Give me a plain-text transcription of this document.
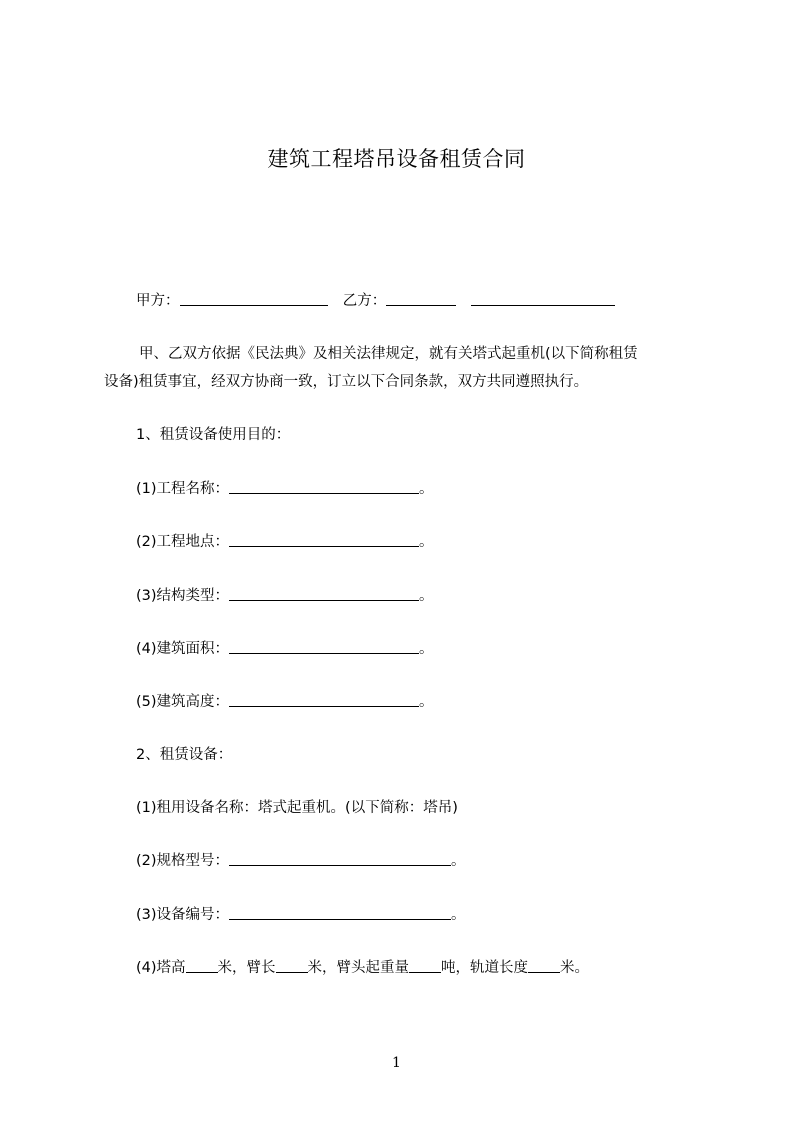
建筑工程塔吊设备租赁合同
甲方：	乙方：
甲、乙双方依据《民法典》及相关法律规定，就有关塔式起重机(以下简称租赁
设备)租赁事宜，经双方协商一致，订立以下合同条款，双方共同遵照执行。
1、租赁设备使用目的：
(1)工程名称：	。
(2)工程地点：	。
(3)结构类型：	。
(4)建筑面积：	。
(5)建筑高度：	。
2、租赁设备：
(1)租用设备名称：塔式起重机。(以下简称：塔吊)
(2)规格型号：	。
(3)设备编号：	。
(4)塔高 米，臂长 米，臂头起重量 吨，轨道长度 米。
1
